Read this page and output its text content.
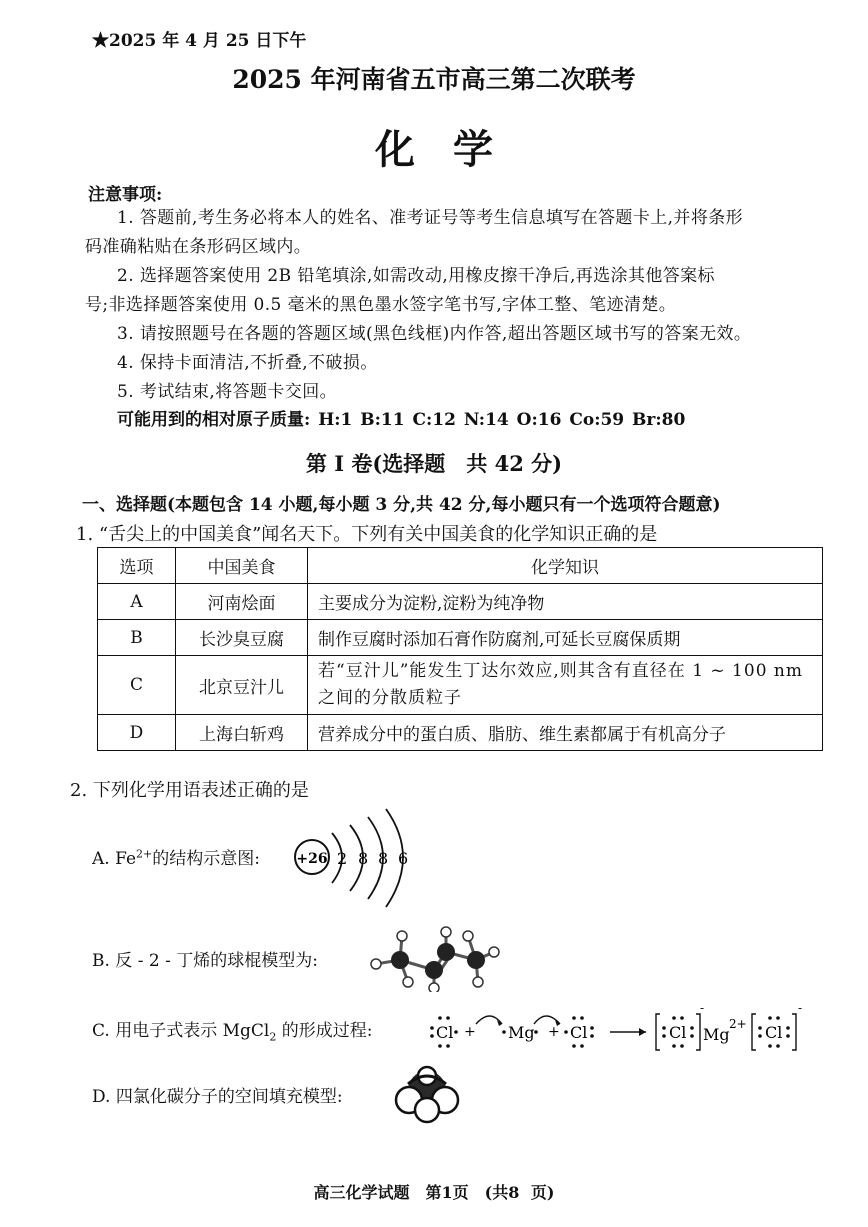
★2025 年 4 月 25 日下午
2025 年河南省五市高三第二次联考
化学
注意事项:
1. 答题前,考生务必将本人的姓名、准考证号等考生信息填写在答题卡上,并将条形
码准确粘贴在条形码区域内。
2. 选择题答案使用 2B 铅笔填涂,如需改动,用橡皮擦干净后,再选涂其他答案标
号;非选择题答案使用 0.5 毫米的黑色墨水签字笔书写,字体工整、笔迹清楚。
3. 请按照题号在各题的答题区域(黑色线框)内作答,超出答题区域书写的答案无效。
4. 保持卡面清洁,不折叠,不破损。
5. 考试结束,将答题卡交回。
可能用到的相对原子质量: H:1 B:11 C:12 N:14 O:16 Co:59 Br:80
第 I 卷(选择题　共 42 分)
一、选择题(本题包含 14 小题,每小题 3 分,共 42 分,每小题只有一个选项符合题意)
1. “舌尖上的中国美食”闻名天下。下列有关中国美食的化学知识正确的是
选项	中国美食	化学知识
A	河南烩面	主要成分为淀粉,淀粉为纯净物
B	长沙臭豆腐	制作豆腐时添加石膏作防腐剂,可延长豆腐保质期
C	北京豆汁儿	若“豆汁儿”能发生丁达尔效应,则其含有直径在 1 ~ 100 nm之间的分散质粒子
D	上海白斩鸡	营养成分中的蛋白质、脂肪、维生素都属于有机高分子
2. 下列化学用语表述正确的是
A. $Fe^{2+}$的结构示意图:	+26 2 8 8 6
B. 反 - 2 - 丁烯的球棍模型为:
C. 用电子式表示 MgCl$_2$ 的形成过程:	Cl + Mg + Cl	Cl
-
Mg
2+ Cl
-
D. 四氯化碳分子的空间填充模型:
高三化学试题　第1页　(共8 页)
